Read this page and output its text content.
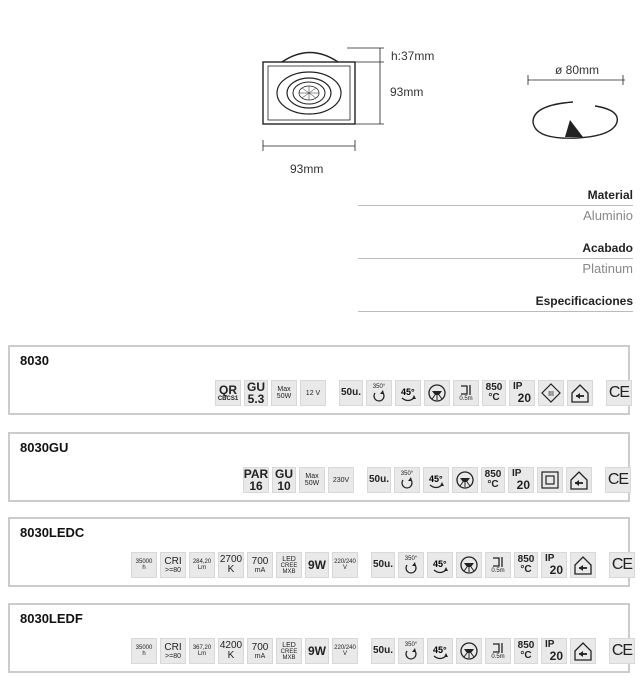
h:37mm
93mm
93mm
ø 80mm
Material
Aluminio
Acabado
Platinum
Especificaciones
8030
QR
CBCS1
GU
5.3
Max
50W 12 V 50u. 350° 45°
0.5m
850
°C
IP
20 III	CE
8030GU
PAR
16
GU
10
Max
50W 230V 50u. 350° 45°	850
°C
IP
20	CE
8030LEDC
35000
h
CRI
>=80
284,20
Lm
2700
K
700
mA
LED
CREE
MXB 9W 220/240
V	50u. 350° 45°
0.5m
850
°C
IP
20	CE
8030LEDF
35000
h
CRI
>=80
367,20
Lm
4200
K
700
mA
LED
CREE
MXB 9W 220/240
V	50u. 350° 45°
0.5m
850
°C
IP
20	CE
